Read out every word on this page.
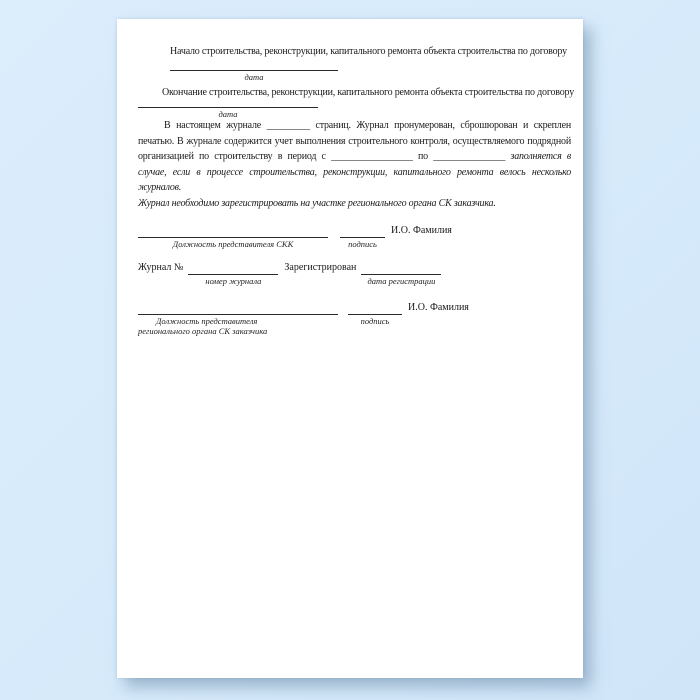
Начало строительства, реконструкции, капитального ремонта объекта строительства по договору
дата
Окончание строительства, реконструкции, капитального ремонта объекта строительства по договору
дата
В настоящем журнале _________ страниц. Журнал пронумерован, сброшюрован и скреплен печатью. В журнале содержится учет выполнения строительного контроля, осуществляемого подрядной организацией по строительству в период с _________________ по _______________ заполняется в случае, если в процессе строительства, реконструкции, капитального ремонта велось несколько журналов.
Журнал необходимо зарегистрировать на участке регионального органа СК заказчика.
Должность представителя СКК	подпись
И.О. Фамилия
Журнал №
номер журнала
Зарегистрирован
дата регистрации
Должность представителя
регионального органа СК заказчика
подпись
И.О. Фамилия
